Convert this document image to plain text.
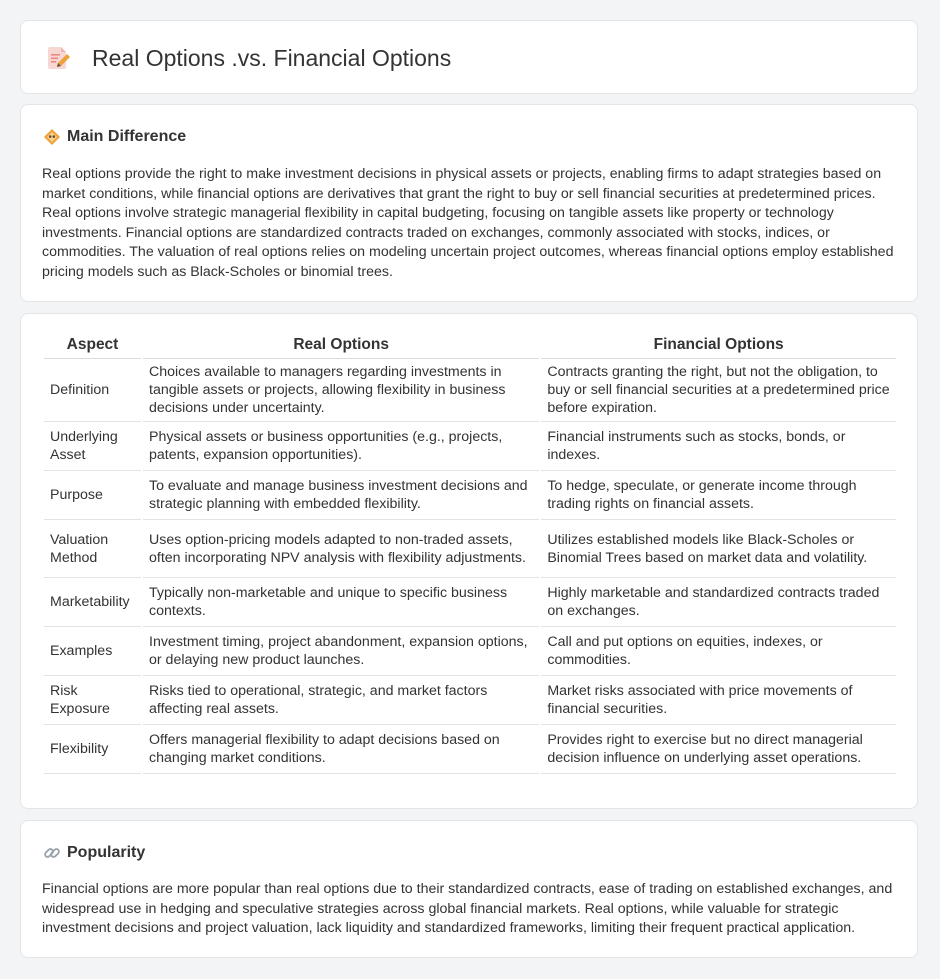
Real Options .vs. Financial Options
Main Difference

Real options provide the right to make investment decisions in physical assets or projects, enabling firms to adapt strategies based on market conditions, while financial options are derivatives that grant the right to buy or sell financial securities at predetermined prices. Real options involve strategic managerial flexibility in capital budgeting, focusing on tangible assets like property or technology investments. Financial options are standardized contracts traded on exchanges, commonly associated with stocks, indices, or commodities. The valuation of real options relies on modeling uncertain project outcomes, whereas financial options employ established pricing models such as Black-Scholes or binomial trees.

Aspect	Real Options	Financial Options
Definition	Choices available to managers regarding investments in tangible assets or projects, allowing flexibility in business decisions under uncertainty.	Contracts granting the right, but not the obligation, to buy or sell financial securities at a predetermined price before expiration.
Underlying Asset	Physical assets or business opportunities (e.g., projects, patents, expansion opportunities).	Financial instruments such as stocks, bonds, or indexes.
Purpose	To evaluate and manage business investment decisions and strategic planning with embedded flexibility.	To hedge, speculate, or generate income through trading rights on financial assets.
Valuation Method	Uses option-pricing models adapted to non-traded assets, often incorporating NPV analysis with flexibility adjustments.	Utilizes established models like Black-Scholes or Binomial Trees based on market data and volatility.
Marketability	Typically non-marketable and unique to specific business contexts.	Highly marketable and standardized contracts traded on exchanges.
Examples	Investment timing, project abandonment, expansion options, or delaying new product launches.	Call and put options on equities, indexes, or commodities.
Risk Exposure	Risks tied to operational, strategic, and market factors affecting real assets.	Market risks associated with price movements of financial securities.
Flexibility	Offers managerial flexibility to adapt decisions based on changing market conditions.	Provides right to exercise but no direct managerial decision influence on underlying asset operations.
Popularity

Financial options are more popular than real options due to their standardized contracts, ease of trading on established exchanges, and widespread use in hedging and speculative strategies across global financial markets. Real options, while valuable for strategic investment decisions and project valuation, lack liquidity and standardized frameworks, limiting their frequent practical application.
